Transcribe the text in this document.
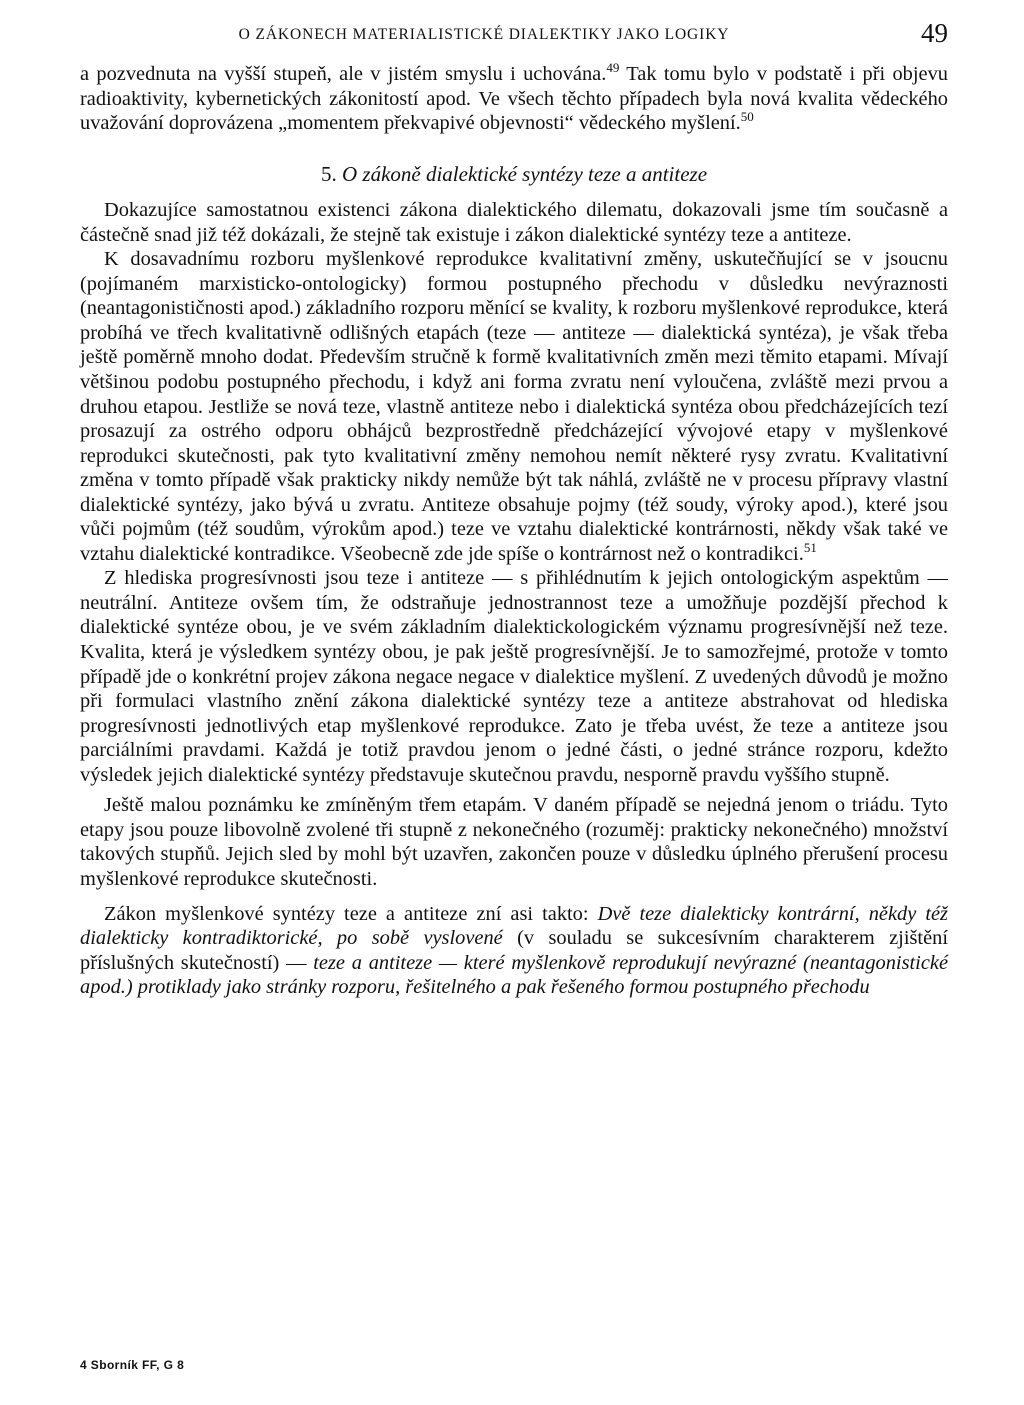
O ZÁKONECH MATERIALISTICKÉ DIALEKTIKY JAKO LOGIKY	49

a pozvednuta na vyšší stupeň, ale v jistém smyslu i uchována.$^{49}$ Tak tomu bylo v podstatě i při objevu radioaktivity, kybernetických zákonitostí apod. Ve všech těchto případech byla nová kvalita vědeckého uvažování doprovázena „momentem překvapivé objevnosti“ vědeckého myšlení.$^{50}$

5. O zákoně dialektické syntézy teze a antiteze

Dokazujíce samostatnou existenci zákona dialektického dilematu, dokazovali jsme tím současně a částečně snad již též dokázali, že stejně tak existuje i zákon dialektické syntézy teze a antiteze.

K dosavadnímu rozboru myšlenkové reprodukce kvalitativní změny, uskutečňující se v jsoucnu (pojímaném marxisticko-ontologicky) formou postupného přechodu v důsledku nevýraznosti (neantagonističnosti apod.) základního rozporu měnící se kvality, k rozboru myšlenkové reprodukce, která probíhá ve třech kvalitativně odlišných etapách (teze — antiteze — dialektická syntéza), je však třeba ještě poměrně mnoho dodat. Především stručně k formě kvalitativních změn mezi těmito etapami. Mívají většinou podobu postupného přechodu, i když ani forma zvratu není vyloučena, zvláště mezi prvou a druhou etapou. Jestliže se nová teze, vlastně antiteze nebo i dialektická syntéza obou předcházejících tezí prosazují za ostrého odporu obhájců bezprostředně předcházející vývojové etapy v myšlenkové reprodukci skutečnosti, pak tyto kvalitativní změny nemohou nemít některé rysy zvratu. Kvalitativní změna v tomto případě však prakticky nikdy nemůže být tak náhlá, zvláště ne v procesu přípravy vlastní dialektické syntézy, jako bývá u zvratu. Antiteze obsahuje pojmy (též soudy, výroky apod.), které jsou vůči pojmům (též soudům, výrokům apod.) teze ve vztahu dialektické kontrárnosti, někdy však také ve vztahu dialektické kontradikce. Všeobecně zde jde spíše o kontrárnost než o kontradikci.$^{51}$

Z hlediska progresívnosti jsou teze i antiteze — s přihlédnutím k jejich ontologickým aspektům — neutrální. Antiteze ovšem tím, že odstraňuje jednostrannost teze a umožňuje pozdější přechod k dialektické syntéze obou, je ve svém základním dialektickologickém významu progresívnější než teze. Kvalita, která je výsledkem syntézy obou, je pak ještě progresívnější. Je to samozřejmé, protože v tomto případě jde o konkrétní projev zákona negace negace v dialektice myšlení. Z uvedených důvodů je možno při formulaci vlastního znění zákona dialektické syntézy teze a antiteze abstrahovat od hlediska progresívnosti jednotlivých etap myšlenkové reprodukce. Zato je třeba uvést, že teze a antiteze jsou parciálními pravdami. Každá je totiž pravdou jenom o jedné části, o jedné stránce rozporu, kdežto výsledek jejich dialektické syntézy představuje skutečnou pravdu, nesporně pravdu vyššího stupně.

Ještě malou poznámku ke zmíněným třem etapám. V daném případě se nejedná jenom o triádu. Tyto etapy jsou pouze libovolně zvolené tři stupně z nekonečného (rozuměj: prakticky nekonečného) množství takových stupňů. Jejich sled by mohl být uzavřen, zakončen pouze v důsledku úplného přerušení procesu myšlenkové reprodukce skutečnosti.

Zákon myšlenkové syntézy teze a antiteze zní asi takto: Dvě teze dialekticky kontrární, někdy též dialekticky kontradiktorické, po sobě vyslovené (v souladu se sukcesívním charakterem zjištění příslušných skutečností) — teze a antiteze — které myšlenkově reprodukují nevýrazné (neantagonistické apod.) protiklady jako stránky rozporu, řešitelného a pak řešeného formou postupného přechodu

4 Sborník FF, G 8
